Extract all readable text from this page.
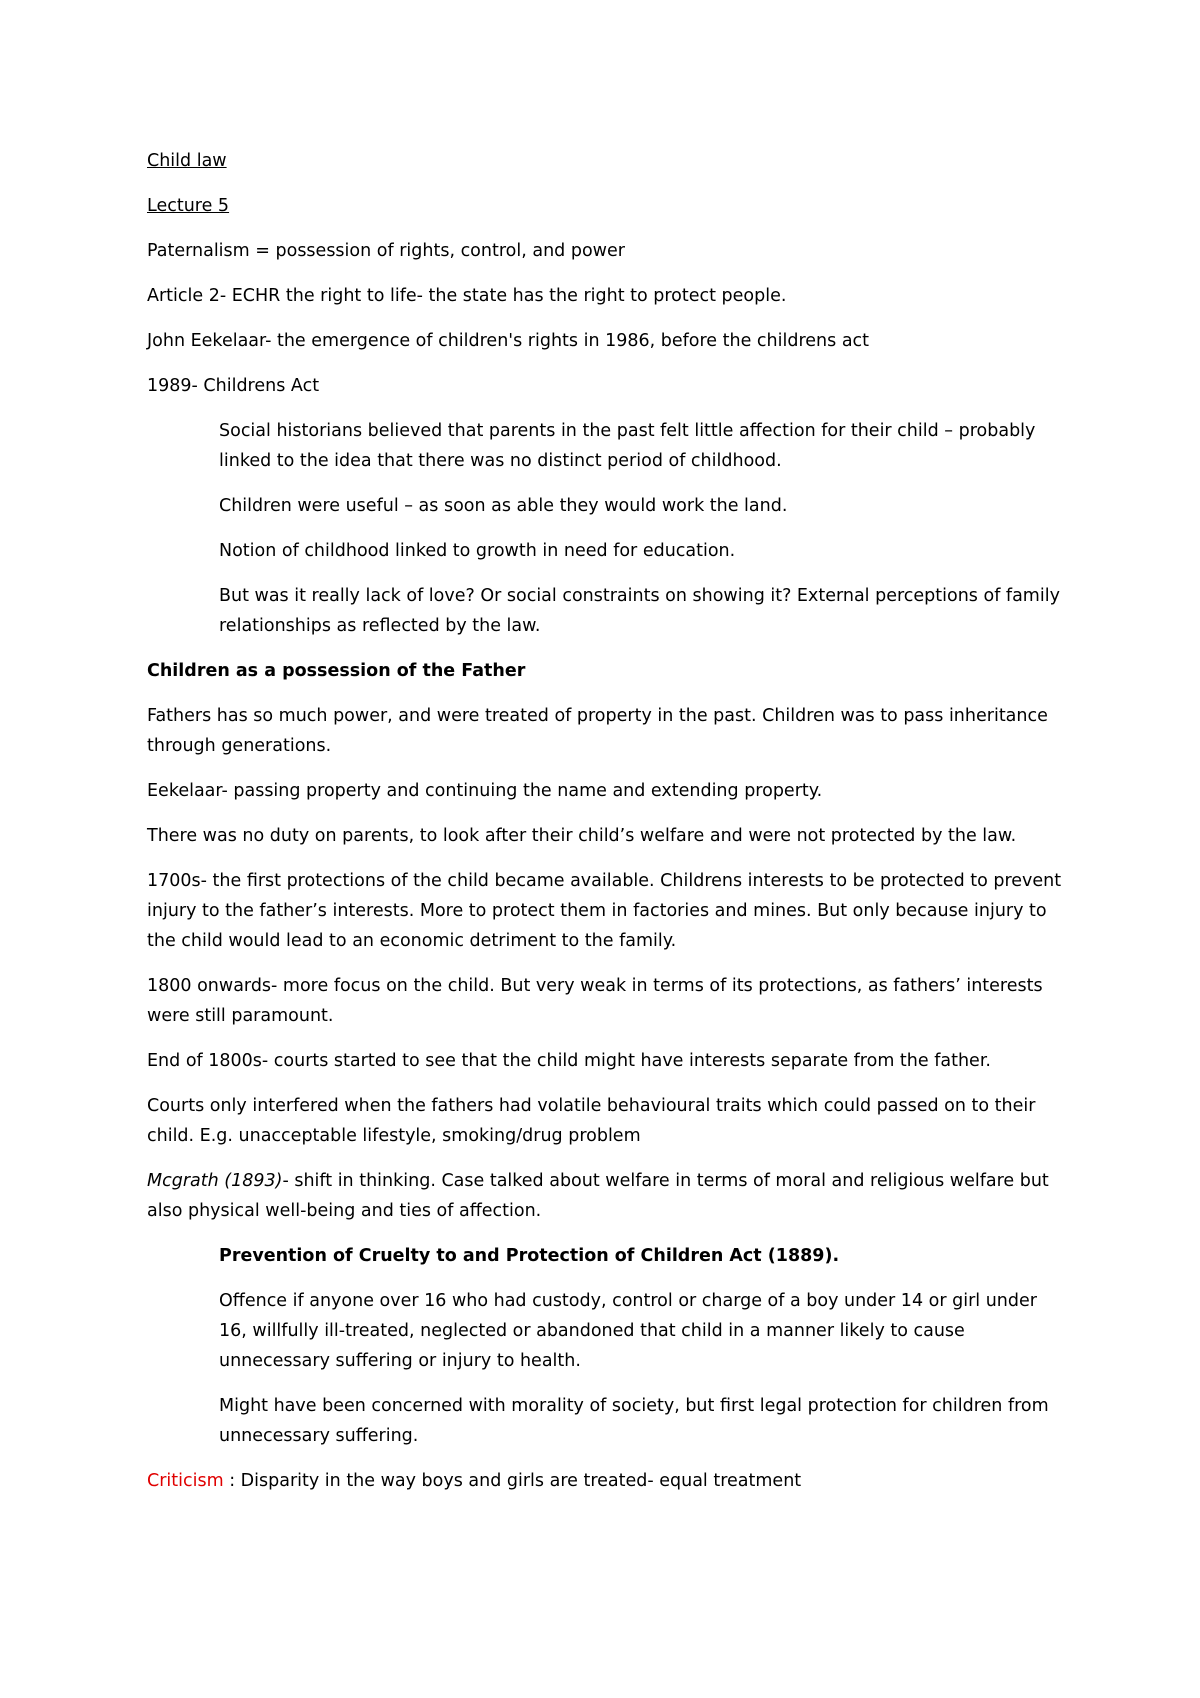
Child law
Lecture 5
Paternalism = possession of rights, control, and power
Article 2- ECHR the right to life- the state has the right to protect people.
John Eekelaar- the emergence of children's rights in 1986, before the childrens act
1989- Childrens Act
Social historians believed that parents in the past felt little affection for their child – probably linked to the idea that there was no distinct period of childhood.
Children were useful – as soon as able they would work the land.
Notion of childhood linked to growth in need for education.
But was it really lack of love? Or social constraints on showing it? External perceptions of family relationships as reflected by the law.
Children as a possession of the Father
Fathers has so much power, and were treated of property in the past. Children was to pass inheritance through generations.
Eekelaar- passing property and continuing the name and extending property.
There was no duty on parents, to look after their child’s welfare and were not protected by the law.
1700s- the first protections of the child became available. Childrens interests to be protected to prevent injury to the father’s interests. More to protect them in factories and mines. But only because injury to the child would lead to an economic detriment to the family.
1800 onwards- more focus on the child. But very weak in terms of its protections, as fathers’ interests were still paramount.
End of 1800s- courts started to see that the child might have interests separate from the father.
Courts only interfered when the fathers had volatile behavioural traits which could passed on to their child. E.g. unacceptable lifestyle, smoking/drug problem
Mcgrath (1893)- shift in thinking. Case talked about welfare in terms of moral and religious welfare but also physical well-being and ties of affection.
Prevention of Cruelty to and Protection of Children Act (1889).
Offence if anyone over 16 who had custody, control or charge of a boy under 14 or girl under 16, willfully ill-treated, neglected or abandoned that child in a manner likely to cause unnecessary suffering or injury to health.
Might have been concerned with morality of society, but first legal protection for children from unnecessary suffering.
Criticism : Disparity in the way boys and girls are treated- equal treatment
